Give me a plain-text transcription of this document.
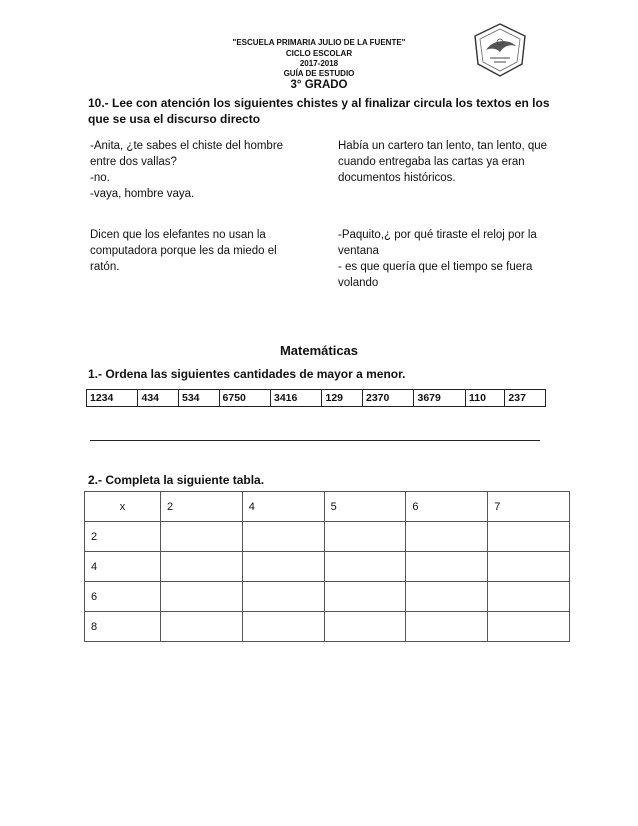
"ESCUELA PRIMARIA JULIO DE LA FUENTE"
CICLO ESCOLAR
2017-2018
GUÍA DE ESTUDIO
3° GRADO
10.- Lee con atención los siguientes chistes y al finalizar circula los textos en los que se usa el discurso directo
-Anita, ¿te sabes el chiste del hombre
entre dos vallas?
-no.
-vaya, hombre vaya.
Había un cartero tan lento, tan lento, que
cuando entregaba las cartas ya eran
documentos históricos.
Dicen que los elefantes no usan la
computadora porque les da miedo el
ratón.
-Paquito,¿ por qué tiraste el reloj por la
ventana
- es que quería que el tiempo se fuera
volando
Matemáticas
1.- Ordena las siguientes cantidades de mayor a menor.
1234	434	534	6750	3416	129	2370	3679	110	237
2.- Completa la siguiente tabla.
x	2	4	5	6	7
2					
4					
6					
8					
